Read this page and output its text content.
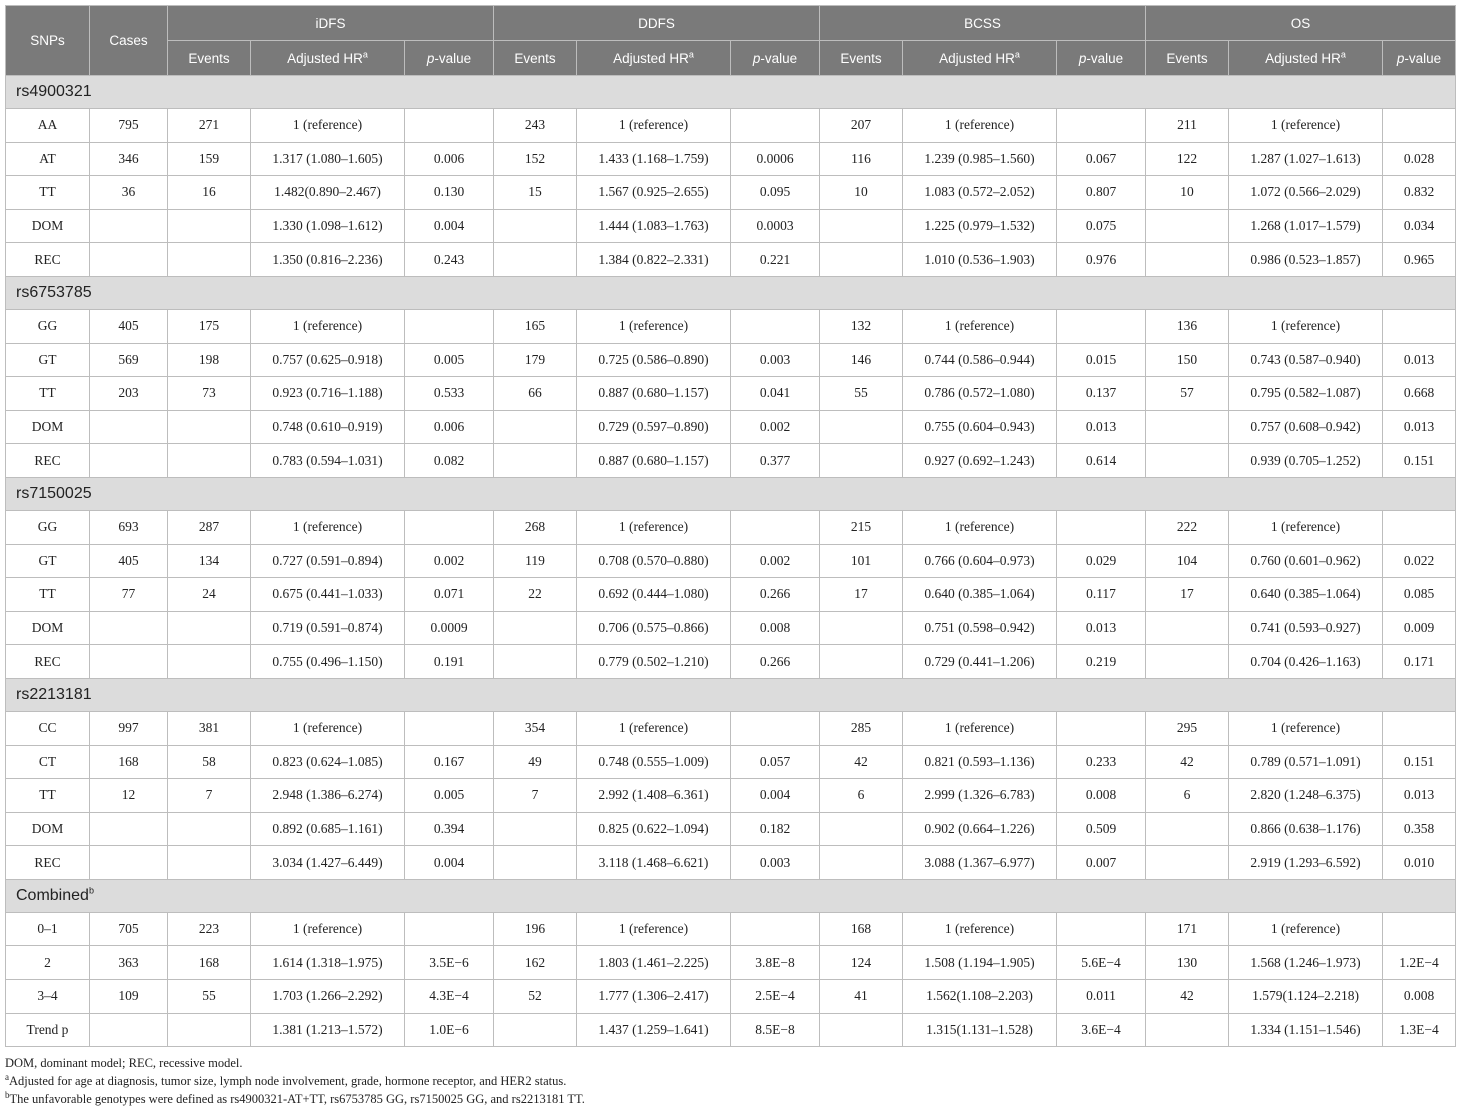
SNPs	Cases	iDFS			DDFS			BCSS			OS		
		Events	Adjusted $HR^a$	p-value	Events	Adjusted $HR^a$	p-value	Events	Adjusted $HR^a$	p-value	Events	Adjusted $HR^a$	p-value
rs4900321													
AA	795	271	1 (reference)		243	1 (reference)		207	1 (reference)		211	1 (reference)	
AT	346	159	1.317 (1.080–1.605)	0.006	152	1.433 (1.168–1.759)	0.0006	116	1.239 (0.985–1.560)	0.067	122	1.287 (1.027–1.613)	0.028
TT	36	16	1.482(0.890–2.467)	0.130	15	1.567 (0.925–2.655)	0.095	10	1.083 (0.572–2.052)	0.807	10	1.072 (0.566–2.029)	0.832
DOM			1.330 (1.098–1.612)	0.004		1.444 (1.083–1.763)	0.0003		1.225 (0.979–1.532)	0.075		1.268 (1.017–1.579)	0.034
REC			1.350 (0.816–2.236)	0.243		1.384 (0.822–2.331)	0.221		1.010 (0.536–1.903)	0.976		0.986 (0.523–1.857)	0.965
rs6753785													
GG	405	175	1 (reference)		165	1 (reference)		132	1 (reference)		136	1 (reference)	
GT	569	198	0.757 (0.625–0.918)	0.005	179	0.725 (0.586–0.890)	0.003	146	0.744 (0.586–0.944)	0.015	150	0.743 (0.587–0.940)	0.013
TT	203	73	0.923 (0.716–1.188)	0.533	66	0.887 (0.680–1.157)	0.041	55	0.786 (0.572–1.080)	0.137	57	0.795 (0.582–1.087)	0.668
DOM			0.748 (0.610–0.919)	0.006		0.729 (0.597–0.890)	0.002		0.755 (0.604–0.943)	0.013		0.757 (0.608–0.942)	0.013
REC			0.783 (0.594–1.031)	0.082		0.887 (0.680–1.157)	0.377		0.927 (0.692–1.243)	0.614		0.939 (0.705–1.252)	0.151
rs7150025													
GG	693	287	1 (reference)		268	1 (reference)		215	1 (reference)		222	1 (reference)	
GT	405	134	0.727 (0.591–0.894)	0.002	119	0.708 (0.570–0.880)	0.002	101	0.766 (0.604–0.973)	0.029	104	0.760 (0.601–0.962)	0.022
TT	77	24	0.675 (0.441–1.033)	0.071	22	0.692 (0.444–1.080)	0.266	17	0.640 (0.385–1.064)	0.117	17	0.640 (0.385–1.064)	0.085
DOM			0.719 (0.591–0.874)	0.0009		0.706 (0.575–0.866)	0.008		0.751 (0.598–0.942)	0.013		0.741 (0.593–0.927)	0.009
REC			0.755 (0.496–1.150)	0.191		0.779 (0.502–1.210)	0.266		0.729 (0.441–1.206)	0.219		0.704 (0.426–1.163)	0.171
rs2213181													
CC	997	381	1 (reference)		354	1 (reference)		285	1 (reference)		295	1 (reference)	
CT	168	58	0.823 (0.624–1.085)	0.167	49	0.748 (0.555–1.009)	0.057	42	0.821 (0.593–1.136)	0.233	42	0.789 (0.571–1.091)	0.151
TT	12	7	2.948 (1.386–6.274)	0.005	7	2.992 (1.408–6.361)	0.004	6	2.999 (1.326–6.783)	0.008	6	2.820 (1.248–6.375)	0.013
DOM			0.892 (0.685–1.161)	0.394		0.825 (0.622–1.094)	0.182		0.902 (0.664–1.226)	0.509		0.866 (0.638–1.176)	0.358
REC			3.034 (1.427–6.449)	0.004		3.118 (1.468–6.621)	0.003		3.088 (1.367–6.977)	0.007		2.919 (1.293–6.592)	0.010
Combined$^b$
0–1	705	223	1 (reference)		196	1 (reference)		168	1 (reference)		171	1 (reference)	
2	363	168	1.614 (1.318–1.975)	3.5E−6	162	1.803 (1.461–2.225)	3.8E−8	124	1.508 (1.194–1.905)	5.6E−4	130	1.568 (1.246–1.973)	1.2E−4
3–4	109	55	1.703 (1.266–2.292)	4.3E−4	52	1.777 (1.306–2.417)	2.5E−4	41	1.562(1.108–2.203)	0.011	42	1.579(1.124–2.218)	0.008
Trend p			1.381 (1.213–1.572)	1.0E−6		1.437 (1.259–1.641)	8.5E−8		1.315(1.131–1.528)	3.6E−4		1.334 (1.151–1.546)	1.3E−4
DOM, dominant model; REC, recessive model.
$^a$Adjusted for age at diagnosis, tumor size, lymph node involvement, grade, hormone receptor, and HER2 status.
$^b$The unfavorable genotypes were defined as rs4900321-AT+TT, rs6753785 GG, rs7150025 GG, and rs2213181 TT.
